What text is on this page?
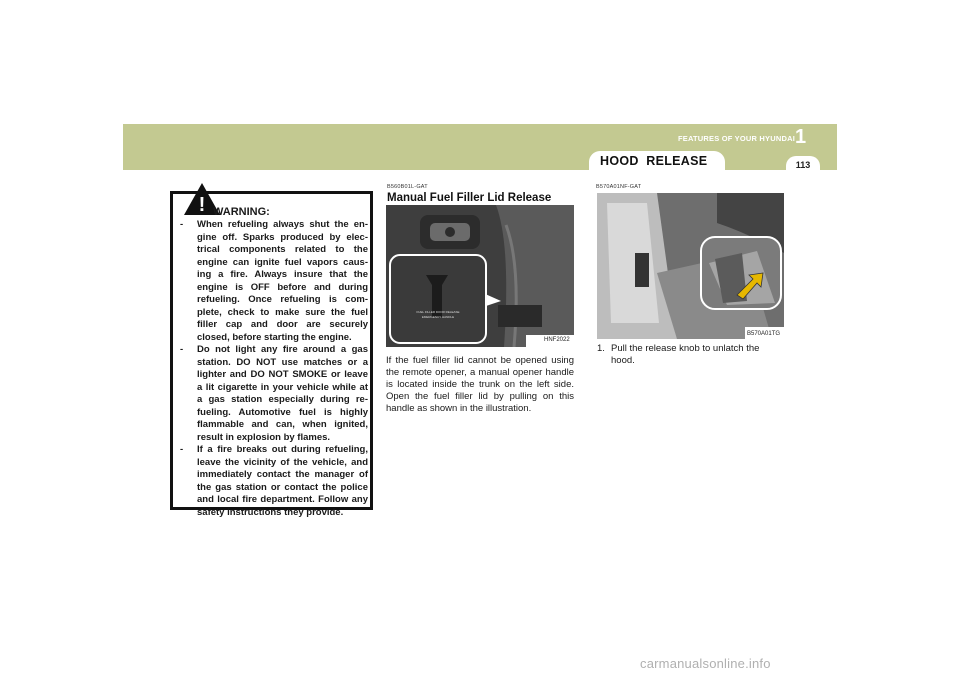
FEATURES OF YOUR HYUNDAI 1
113
HOOD  RELEASE
! WARNING:
- When refueling always shut the en-gine off. Sparks produced by elec-trical components related to the engine can ignite fuel vapors caus-ing a fire. Always insure that the engine is OFF before and during refueling. Once refueling is com-plete, check to make sure the fuel filler cap and door are securely closed, before starting the engine.
- Do not light any fire around a gas station. DO NOT use matches or a lighter and DO NOT SMOKE or leave a lit cigarette in your vehicle while at a gas station especially during re-fueling. Automotive fuel is highly flammable and can, when ignited, result in explosion by flames.
- If a fire breaks out during refueling, leave the vicinity of the vehicle, and immediately contact the manager of the gas station or contact the police and local fire department. Follow any safety instructions they provide.
B560B01L-GAT
Manual Fuel Filler Lid Release
FUEL FILLER DOOR RELEASE
EMERGENCY HANDLE
HNF2022
If the fuel filler lid cannot be opened using the remote opener, a manual opener handle is located inside the trunk on the left side. Open the fuel filler lid by pulling on this handle as shown in the illustration.
B570A01NF-GAT
B570A01TG
1. Pull the release knob to unlatch the hood.
carmanualsonline.info
